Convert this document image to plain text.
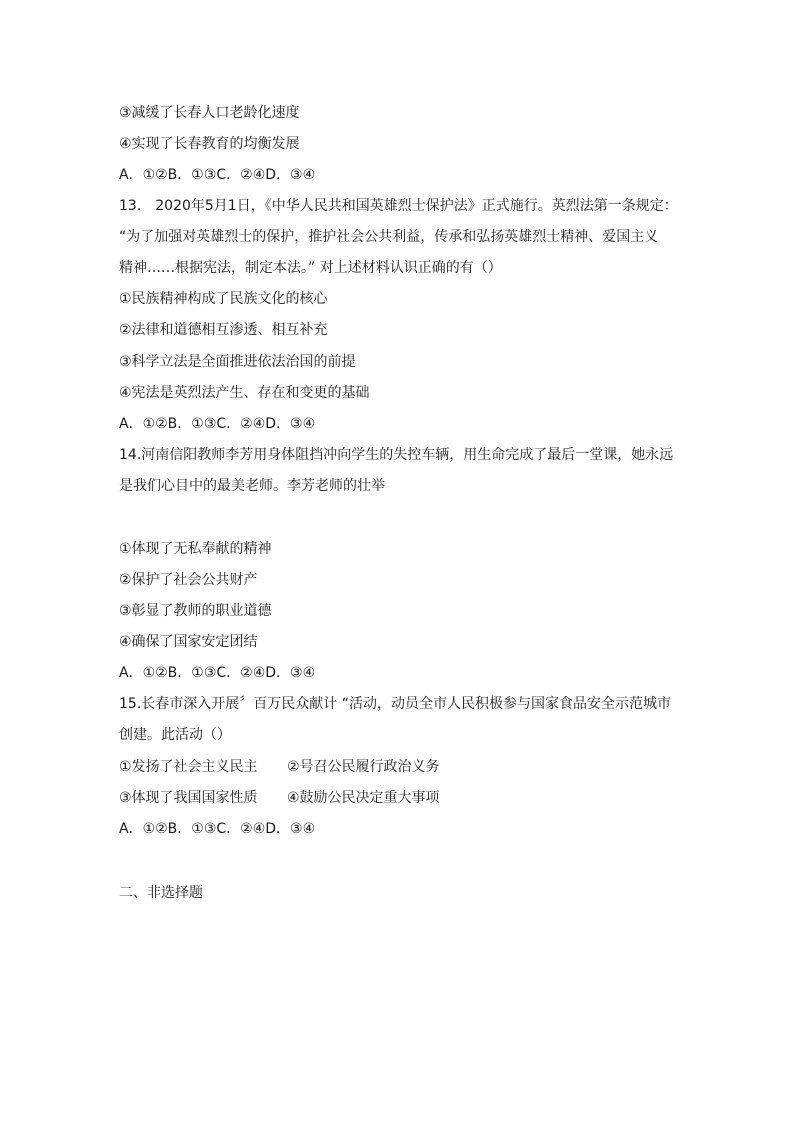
③减缓了长春人口老龄化速度
④实现了长春教育的均衡发展
A．①②B．①③C．②④D．③④
13.　2020年5月1日，《中华人民共和国英雄烈士保护法》正式施行。英烈法第一条规定：
“为了加强对英雄烈士的保护，推护社会公共利益，传承和弘扬英雄烈士精神、爱国主义
精神……根据宪法，制定本法。” 对上述材料认识正确的有（）
①民族精神构成了民族文化的核心
②法律和道德相互渗透、相互补充
③科学立法是全面推进依法治国的前提
④宪法是英烈法产生、存在和变更的基础
A．①②B．①③C．②④D．③④
14.河南信阳教师李芳用身体阻挡冲向学生的失控车辆，用生命完成了最后一堂课，她永远
是我们心目中的最美老师。李芳老师的壮举
①体现了无私奉献的精神
②保护了社会公共财产
③彰显了教师的职业道德
④确保了国家安定团结
A．①②B．①③C．②④D．③④
15.长春市深入开展〞百万民众献计 “活动，动员全市人民积极参与国家食品安全示范城市
创建。此活动（）
①发扬了社会主义民主 ②号召公民履行政治义务
③体现了我国国家性质 ④鼓励公民决定重大事项
A．①②B．①③C．②④D．③④
二、非选择题
